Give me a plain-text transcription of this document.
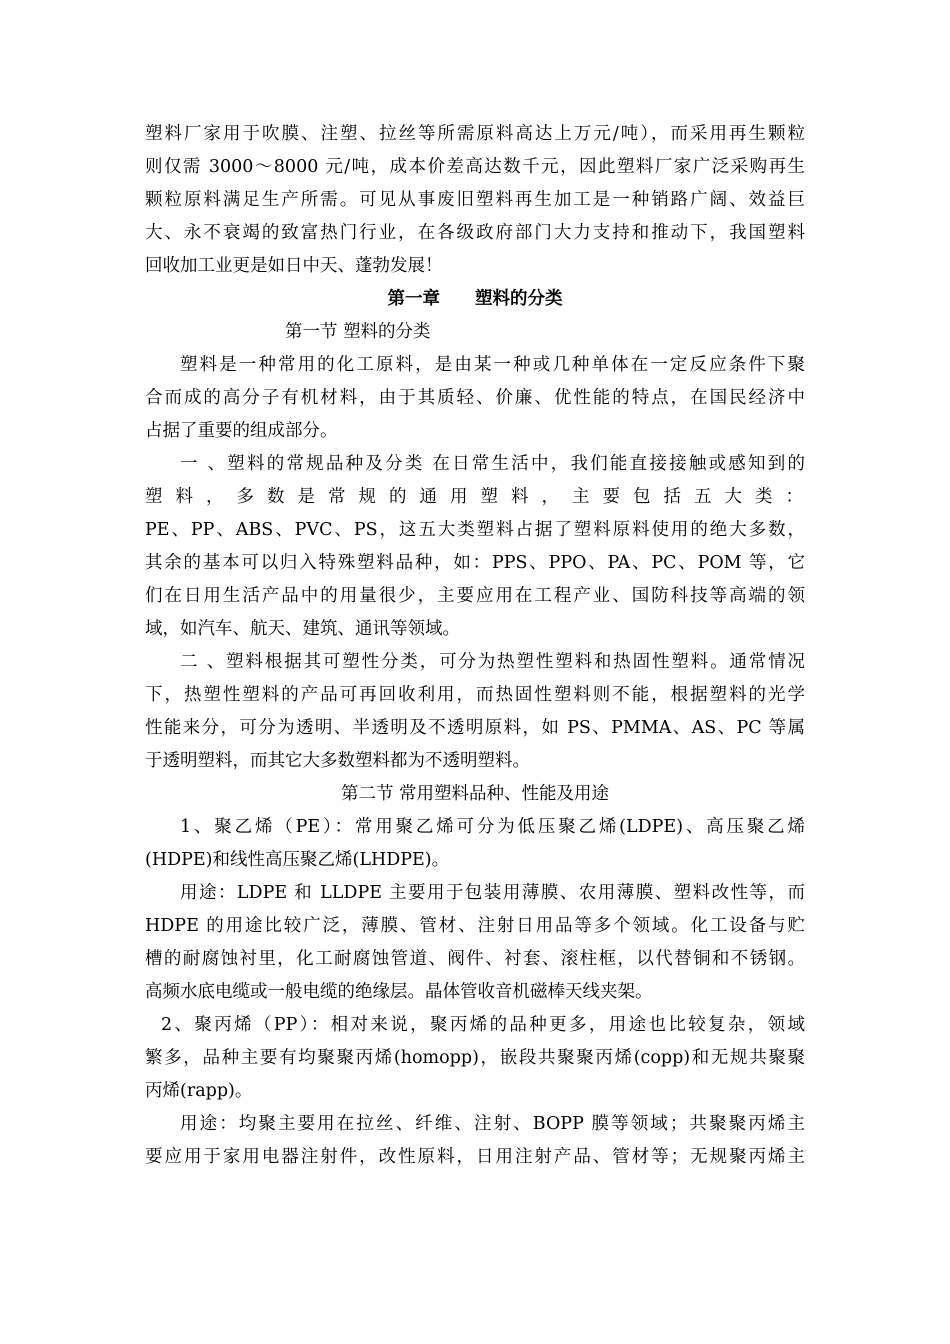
塑料厂家用于吹膜、注塑、拉丝等所需原料高达上万元/吨），而采用再生颗粒
则仅需 3000～8000 元/吨，成本价差高达数千元，因此塑料厂家广泛采购再生
颗粒原料满足生产所需。可见从事废旧塑料再生加工是一种销路广阔、效益巨
大、永不衰竭的致富热门行业，在各级政府部门大力支持和推动下，我国塑料
回收加工业更是如日中天、蓬勃发展！
第一章　　塑料的分类
第一节 塑料的分类
塑料是一种常用的化工原料，是由某一种或几种单体在一定反应条件下聚
合而成的高分子有机材料，由于其质轻、价廉、优性能的特点，在国民经济中
占据了重要的组成部分。
一 、塑料的常规品种及分类 在日常生活中，我们能直接接触或感知到的
塑 料 ， 多 数 是 常 规 的 通 用 塑 料 ， 主 要 包 括 五 大 类 ：
PE、PP、ABS、PVC、PS，这五大类塑料占据了塑料原料使用的绝大多数，
其余的基本可以归入特殊塑料品种，如：PPS、PPO、PA、PC、POM 等，它
们在日用生活产品中的用量很少，主要应用在工程产业、国防科技等高端的领
域，如汽车、航天、建筑、通讯等领域。
二 、塑料根据其可塑性分类，可分为热塑性塑料和热固性塑料。通常情况
下，热塑性塑料的产品可再回收利用，而热固性塑料则不能，根据塑料的光学
性能来分，可分为透明、半透明及不透明原料，如 PS、PMMA、AS、PC 等属
于透明塑料，而其它大多数塑料都为不透明塑料。
第二节 常用塑料品种、性能及用途
1、聚乙烯（PE）：常用聚乙烯可分为低压聚乙烯(LDPE)、高压聚乙烯
(HDPE)和线性高压聚乙烯(LHDPE)。
用途：LDPE 和 LLDPE 主要用于包装用薄膜、农用薄膜、塑料改性等，而
HDPE 的用途比较广泛，薄膜、管材、注射日用品等多个领域。化工设备与贮
槽的耐腐蚀衬里，化工耐腐蚀管道、阀件、衬套、滚柱框，以代替铜和不锈钢。
高频水底电缆或一般电缆的绝缘层。晶体管收音机磁棒天线夹架。
2、聚丙烯（PP）：相对来说，聚丙烯的品种更多，用途也比较复杂，领域
繁多，品种主要有均聚聚丙烯(homopp)，嵌段共聚聚丙烯(copp)和无规共聚聚
丙烯(rapp)。
用途：均聚主要用在拉丝、纤维、注射、BOPP 膜等领域；共聚聚丙烯主
要应用于家用电器注射件，改性原料，日用注射产品、管材等；无规聚丙烯主
